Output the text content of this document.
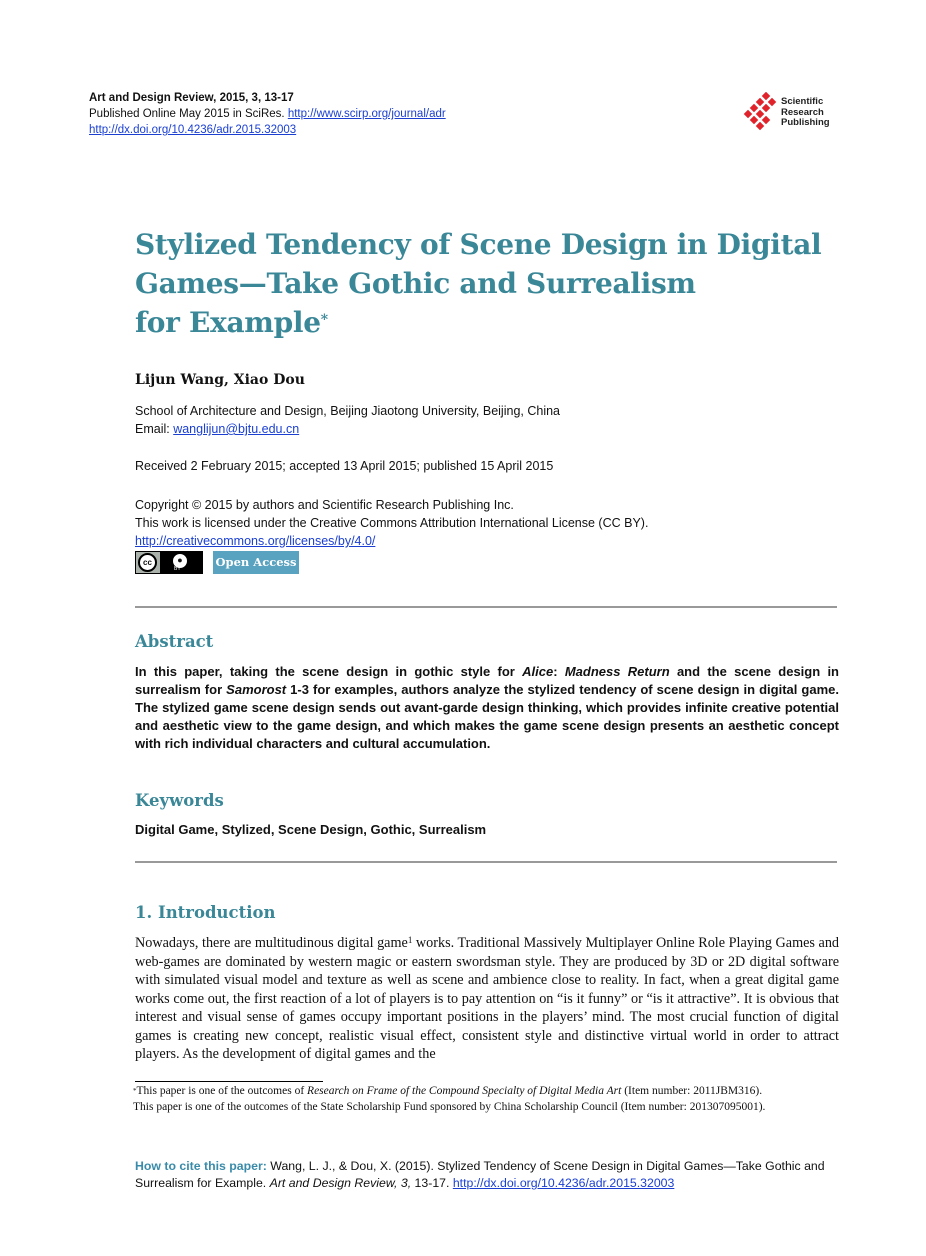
Art and Design Review, 2015, 3, 13-17
Published Online May 2015 in SciRes. http://www.scirp.org/journal/adr
http://dx.doi.org/10.4236/adr.2015.32003
Scientific
Research
Publishing
Stylized Tendency of Scene Design in Digital
Games—Take Gothic and Surrealism
for Example*
Lijun Wang, Xiao Dou
School of Architecture and Design, Beijing Jiaotong University, Beijing, China
Email: wanglijun@bjtu.edu.cn
Received 2 February 2015; accepted 13 April 2015; published 15 April 2015
Copyright © 2015 by authors and Scientific Research Publishing Inc.
This work is licensed under the Creative Commons Attribution International License (CC BY).
http://creativecommons.org/licenses/by/4.0/
cc	●
BY	Open Access
Abstract
In this paper, taking the scene design in gothic style for Alice: Madness Return and the scene design in surrealism for Samorost 1-3 for examples, authors analyze the stylized tendency of scene design in digital game. The stylized game scene design sends out avant-garde design thinking, which provides infinite creative potential and aesthetic view to the game design, and which makes the game scene design presents an aesthetic concept with rich individual characters and cultural accumulation.
Keywords
Digital Game, Stylized, Scene Design, Gothic, Surrealism
1. Introduction
Nowadays, there are multitudinous digital game$^1$ works. Traditional Massively Multiplayer Online Role Playing Games and web-games are dominated by western magic or eastern swordsman style. They are produced by 3D or 2D digital software with simulated visual model and texture as well as scene and ambience close to reality. In fact, when a great digital game works come out, the first reaction of a lot of players is to pay attention on “is it funny” or “is it attractive”. It is obvious that interest and visual sense of games occupy important positions in the players’ mind. The most crucial function of digital games is creating new concept, realistic visual effect, consistent style and distinctive virtual world in order to attract players. As the development of digital games and the
*This paper is one of the outcomes of Research on Frame of the Compound Specialty of Digital Media Art (Item number: 2011JBM316).
This paper is one of the outcomes of the State Scholarship Fund sponsored by China Scholarship Council (Item number: 201307095001).
How to cite this paper: Wang, L. J., & Dou, X. (2015). Stylized Tendency of Scene Design in Digital Games—Take Gothic and Surrealism for Example. Art and Design Review, 3, 13-17. http://dx.doi.org/10.4236/adr.2015.32003
